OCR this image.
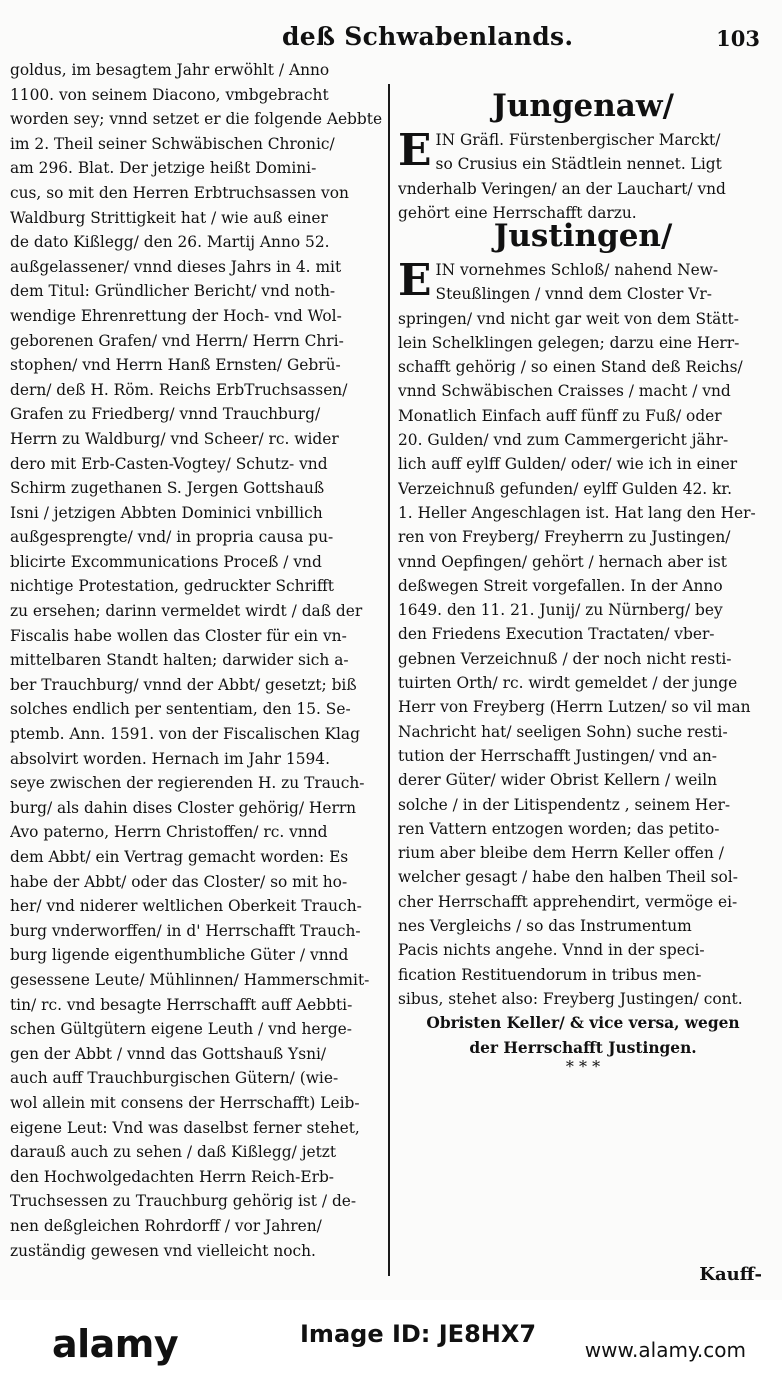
deß Schwabenlands.	103
goldus, im besagtem Jahr erwöhlt / Anno
1100. von seinem Diacono, vmbgebracht
worden sey; vnnd setzet er die folgende Aebbte
im 2. Theil seiner Schwäbischen Chronic/
am 296. Blat. Der jetzige heißt Domini-
cus, so mit den Herren Erbtruchsassen von
Waldburg Strittigkeit hat / wie auß einer
de dato Kißlegg/ den 26. Martij Anno 52.
außgelassener/ vnnd dieses Jahrs in 4. mit
dem Titul: Gründlicher Bericht/ vnd noth-
wendige Ehrenrettung der Hoch- vnd Wol-
geborenen Grafen/ vnd Herrn/ Herrn Chri-
stophen/ vnd Herrn Hanß Ernsten/ Gebrü-
dern/ deß H. Röm. Reichs ErbTruchsassen/
Grafen zu Friedberg/ vnnd Trauchburg/
Herrn zu Waldburg/ vnd Scheer/ rc. wider
dero mit Erb-Casten-Vogtey/ Schutz- vnd
Schirm zugethanen S. Jergen Gottshauß
Isni / jetzigen Abbten Dominici vnbillich
außgesprengte/ vnd/ in propria causa pu-
blicirte Excommunications Proceß / vnd
nichtige Protestation, gedruckter Schrifft
zu ersehen; darinn vermeldet wirdt / daß der
Fiscalis habe wollen das Closter für ein vn-
mittelbaren Standt halten; darwider sich a-
ber Trauchburg/ vnnd der Abbt/ gesetzt; biß
solches endlich per sententiam, den 15. Se-
ptemb. Ann. 1591. von der Fiscalischen Klag
absolvirt worden. Hernach im Jahr 1594.
seye zwischen der regierenden H. zu Trauch-
burg/ als dahin dises Closter gehörig/ Herrn
Avo paterno, Herrn Christoffen/ rc. vnnd
dem Abbt/ ein Vertrag gemacht worden: Es
habe der Abbt/ oder das Closter/ so mit ho-
her/ vnd niderer weltlichen Oberkeit Trauch-
burg vnderworffen/ in d' Herrschafft Trauch-
burg ligende eigenthumbliche Güter / vnnd
gesessene Leute/ Mühlinnen/ Hammerschmit-
tin/ rc. vnd besagte Herrschafft auff Aebbti-
schen Gültgütern eigene Leuth / vnd herge-
gen der Abbt / vnnd das Gottshauß Ysni/
auch auff Trauchburgischen Gütern/ (wie-
wol allein mit consens der Herrschafft) Leib-
eigene Leut: Vnd was daselbst ferner stehet,
darauß auch zu sehen / daß Kißlegg/ jetzt
den Hochwolgedachten Herrn Reich-Erb-
Truchsessen zu Trauchburg gehörig ist / de-
nen deßgleichen Rohrdorff / vor Jahren/
zuständig gewesen vnd vielleicht noch.
Jungenaw/
E IN Gräfl. Fürstenbergischer Marckt/
so Crusius ein Städtlein nennet. Ligt
vnderhalb Veringen/ an der Lauchart/ vnd
gehört eine Herrschafft darzu.
Justingen/
E IN vornehmes Schloß/ nahend New-
Steußlingen / vnnd dem Closter Vr-
springen/ vnd nicht gar weit von dem Stätt-
lein Schelklingen gelegen; darzu eine Herr-
schafft gehörig / so einen Stand deß Reichs/
vnnd Schwäbischen Craisses / macht / vnd
Monatlich Einfach auff fünff zu Fuß/ oder
20. Gulden/ vnd zum Cammergericht jähr-
lich auff eylff Gulden/ oder/ wie ich in einer
Verzeichnuß gefunden/ eylff Gulden 42. kr.
1. Heller Angeschlagen ist. Hat lang den Her-
ren von Freyberg/ Freyherrn zu Justingen/
vnnd Oepfingen/ gehört / hernach aber ist
deßwegen Streit vorgefallen. In der Anno
1649. den 11. 21. Junij/ zu Nürnberg/ bey
den Friedens Execution Tractaten/ vber-
gebnen Verzeichnuß / der noch nicht resti-
tuirten Orth/ rc. wirdt gemeldet / der junge
Herr von Freyberg (Herrn Lutzen/ so vil man
Nachricht hat/ seeligen Sohn) suche resti-
tution der Herrschafft Justingen/ vnd an-
derer Güter/ wider Obrist Kellern / weiln
solche / in der Litispendentz , seinem Her-
ren Vattern entzogen worden; das petito-
rium aber bleibe dem Herrn Keller offen /
welcher gesagt / habe den halben Theil sol-
cher Herrschafft apprehendirt, vermöge ei-
nes Vergleichs / so das Instrumentum
Pacis nichts angehe. Vnnd in der speci-
fication Restituendorum in tribus men-
sibus, stehet also: Freyberg Justingen/ cont.
Obristen Keller/ & vice versa, wegen
der Herrschafft Justingen.
* * *
Kauff-
alamy	Image ID: JE8HX7
www.alamy.com
